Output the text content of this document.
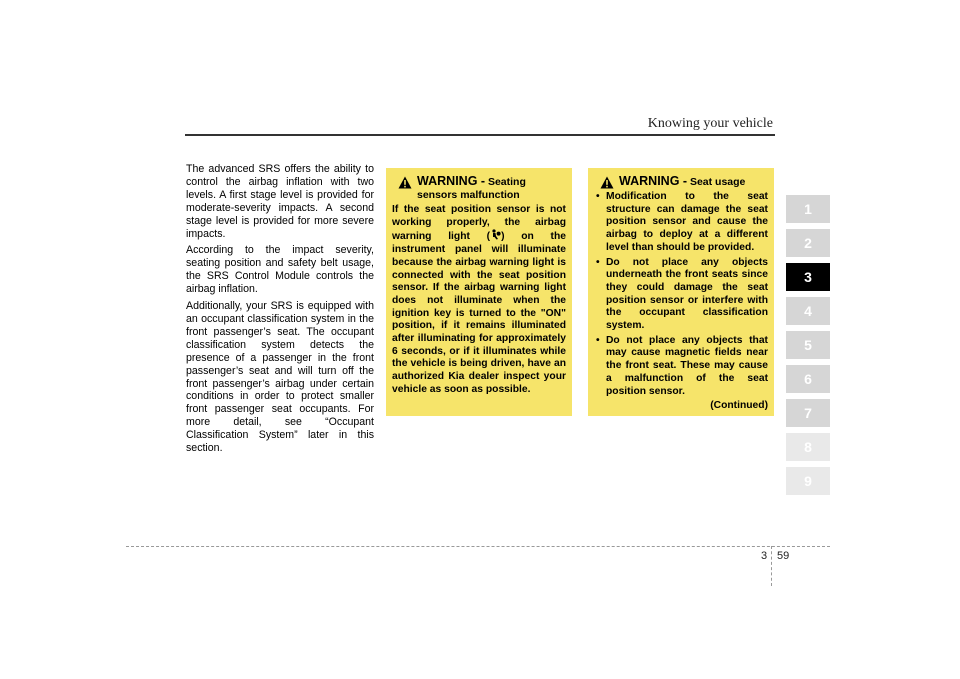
Knowing your vehicle

The advanced SRS offers the ability to control the airbag inflation with two levels. A first stage level is provided for moderate-severity impacts. A second stage level is provided for more severe impacts.

According to the impact severity, seating position and safety belt usage, the SRS Control Module controls the airbag inflation.

Additionally, your SRS is equipped with an occupant classification system in the front passenger’s seat. The occupant classification system detects the presence of a passenger in the front passenger’s seat and will turn off the front passenger’s airbag under certain conditions in order to protect smaller front passenger seat occupants. For more detail, see “Occupant Classification System” later in this section.

WARNING - Seating sensors malfunction
If the seat position sensor is not working properly, the airbag warning light ( ) on the instrument panel will illuminate because the airbag warning light is connected with the seat position sensor. If the airbag warning light does not illuminate when the ignition key is turned to the "ON" position, if it remains illuminated after illuminating for approximately 6 seconds, or if it illuminates while the vehicle is being driven, have an authorized Kia dealer inspect your vehicle as soon as possible.
WARNING - Seat usage
• Modification to the seat structure can damage the seat position sensor and cause the airbag to deploy at a different level than should be provided.
• Do not place any objects underneath the front seats since they could damage the seat position sensor or interfere with the occupant classification system.
• Do not place any objects that may cause magnetic fields near the front seat. These may cause a malfunction of the seat position sensor.
(Continued)
1
2
3
4
5
6
7
8
9
3 59
